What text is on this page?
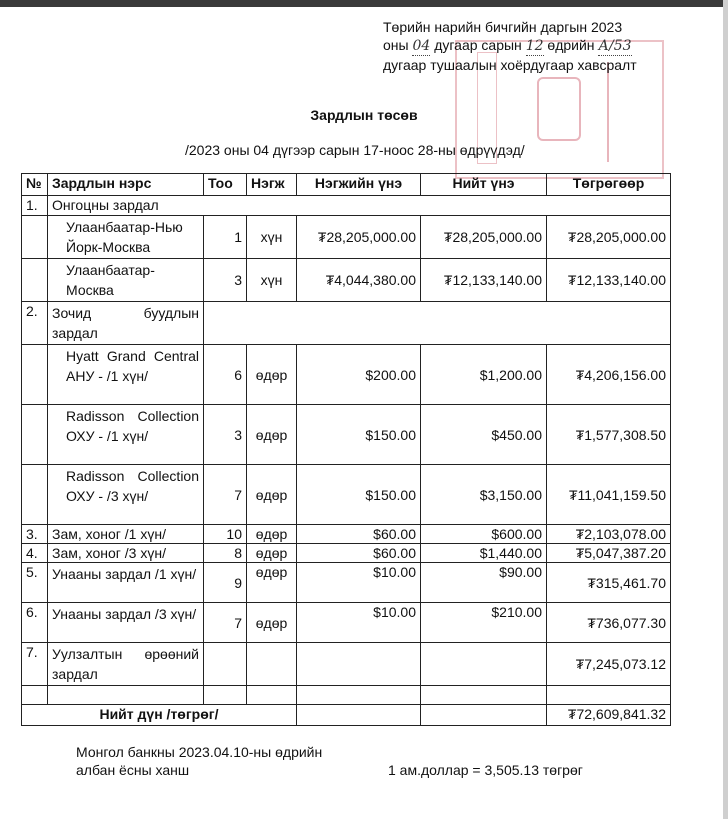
Төрийн нарийн бичгийн даргын 2023
оны 04 дугаар сарын 12 өдрийн А/53
дугаар тушаалын хоёрдугаар хавсралт
Зардлын төсөв
/2023 оны 04 дүгээр сарын 17-ноос 28-ны өдрүүдэд/
№	Зардлын нэрс	Тоо	Нэгж	Нэгжийн үнэ	Нийт үнэ	Төгрөгөөр
1.	Онгоцны зардал					
	Улаанбаатар-Нью Йорк-Москва	1	хүн	₮28,205,000.00	₮28,205,000.00	₮28,205,000.00
	Улаанбаатар-Москва	3	хүн	₮4,044,380.00	₮12,133,140.00	₮12,133,140.00
2.	Зочид буудлын зардал					
	Hyatt Grand Central АНУ - /1 хүн/	6	өдөр	$200.00	$1,200.00	₮4,206,156.00
	Radisson Collection ОХУ - /1 хүн/	3	өдөр	$150.00	$450.00	₮1,577,308.50
	Radisson Collection ОХУ - /3 хүн/	7	өдөр	$150.00	$3,150.00	₮11,041,159.50
3.	Зам, хоног /1 хүн/	10	өдөр	$60.00	$600.00	₮2,103,078.00
4.	Зам, хоног /3 хүн/	8	өдөр	$60.00	$1,440.00	₮5,047,387.20
5.	Унааны зардал /1 хүн/	9	өдөр	$10.00	$90.00	₮315,461.70
6.	Унааны зардал /3 хүн/	7	өдөр	$10.00	$210.00	₮736,077.30
7.	Уулзалтын өрөөний зардал					₮7,245,073.12

Нийт дүн /төгрөг/						₮72,609,841.32
Монгол банкны 2023.04.10-ны өдрийн
албан ёсны ханш	1 ам.доллар = 3,505.13 төгрөг
